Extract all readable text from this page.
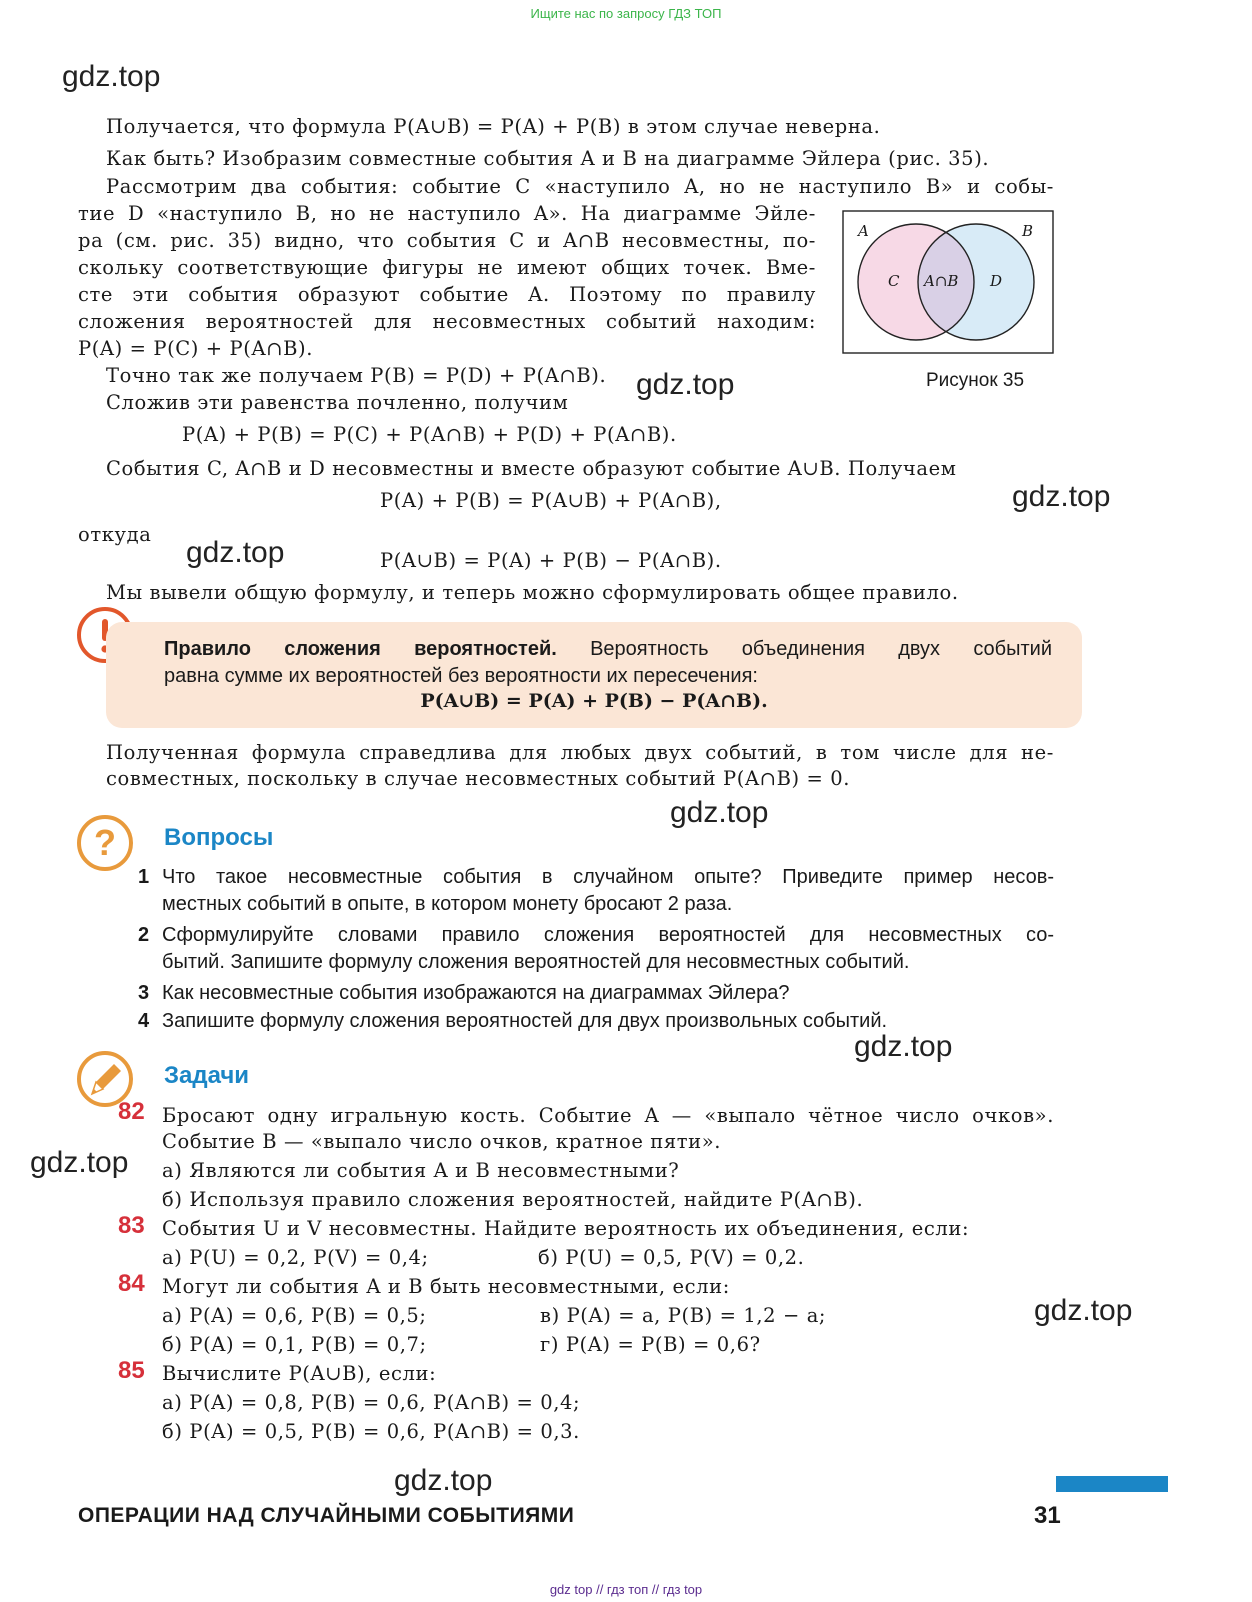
Ищите нас по запросу ГДЗ ТОП
gdz.top
gdz.top
gdz.top
gdz.top
gdz.top
gdz.top
gdz.top
gdz.top
gdz.top
Получается, что формула P(A∪B) = P(A) + P(B) в этом случае неверна.
Как быть? Изобразим совместные события A и B на диаграмме Эйлера (рис. 35).
Рассмотрим два события: событие C «наступило A, но не наступило B» и собы-
тие D «наступило B, но не наступило A». На диаграмме Эйле-
ра (см. рис. 35) видно, что события C и A∩B несовместны, по-
скольку соответствующие фигуры не имеют общих точек. Вме-
сте эти события образуют событие A. Поэтому по правилу
сложения вероятностей для несовместных событий находим:
P(A) = P(C) + P(A∩B).
Точно так же получаем P(B) = P(D) + P(A∩B).
Сложив эти равенства почленно, получим
P(A) + P(B) = P(C) + P(A∩B) + P(D) + P(A∩B).
События C, A∩B и D несовместны и вместе образуют событие A∪B. Получаем
P(A) + P(B) = P(A∪B) + P(A∩B),
откуда
P(A∪B) = P(A) + P(B) − P(A∩B).
Мы вывели общую формулу, и теперь можно сформулировать общее правило.
A	B
C	D
A∩B
Рисунок 35
Правило сложения вероятностей. Вероятность объединения двух событий
равна сумме их вероятностей без вероятности их пересечения:
P(A∪B) = P(A) + P(B) − P(A∩B).
Полученная формула справедлива для любых двух событий, в том числе для не-
совместных, поскольку в случае несовместных событий P(A∩B) = 0.
? Вопросы
1 Что такое несовместные события в случайном опыте? Приведите пример несов-
местных событий в опыте, в котором монету бросают 2 раза.
2 Сформулируйте словами правило сложения вероятностей для несовместных со-
бытий. Запишите формулу сложения вероятностей для несовместных событий.
3 Как несовместные события изображаются на диаграммах Эйлера?
4 Запишите формулу сложения вероятностей для двух произвольных событий.
Задачи
82 Бросают одну игральную кость. Событие A — «выпало чётное число очков».
Событие B — «выпало число очков, кратное пяти».
а) Являются ли события A и B несовместными?
б) Используя правило сложения вероятностей, найдите P(A∩B).
83 События U и V несовместны. Найдите вероятность их объединения, если:
а) P(U) = 0,2, P(V) = 0,4;	б) P(U) = 0,5, P(V) = 0,2.
84 Могут ли события A и B быть несовместными, если:
а) P(A) = 0,6, P(B) = 0,5;	в) P(A) = a, P(B) = 1,2 − a;
б) P(A) = 0,1, P(B) = 0,7;	г) P(A) = P(B) = 0,6?
85 Вычислите P(A∪B), если:
а) P(A) = 0,8, P(B) = 0,6, P(A∩B) = 0,4;
б) P(A) = 0,5, P(B) = 0,6, P(A∩B) = 0,3.
ОПЕРАЦИИ НАД СЛУЧАЙНЫМИ СОБЫТИЯМИ	31
gdz top // гдз топ // гдз top
